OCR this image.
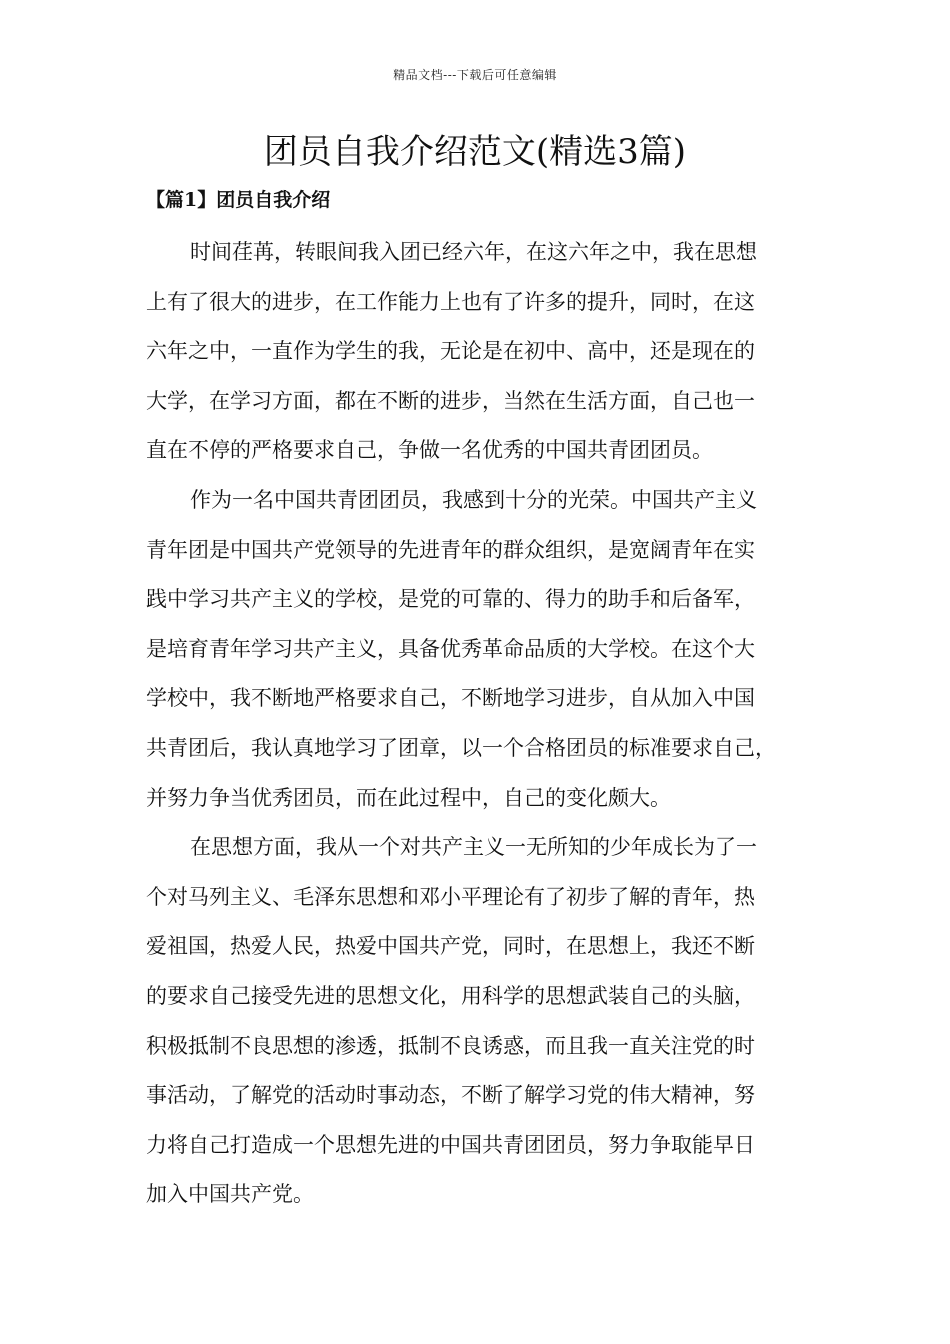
精品文档---下载后可任意编辑
团员自我介绍范文(精选3篇)
【篇1】团员自我介绍

时间荏苒，转眼间我入团已经六年，在这六年之中，我在思想
上有了很大的进步，在工作能力上也有了许多的提升，同时，在这
六年之中，一直作为学生的我，无论是在初中、高中，还是现在的
大学，在学习方面，都在不断的进步，当然在生活方面，自己也一
直在不停的严格要求自己，争做一名优秀的中国共青团团员。

作为一名中国共青团团员，我感到十分的光荣。中国共产主义
青年团是中国共产党领导的先进青年的群众组织，是宽阔青年在实
践中学习共产主义的学校，是党的可靠的、得力的助手和后备军，
是培育青年学习共产主义，具备优秀革命品质的大学校。在这个大
学校中，我不断地严格要求自己，不断地学习进步，自从加入中国
共青团后，我认真地学习了团章，以一个合格团员的标准要求自己，
并努力争当优秀团员，而在此过程中，自己的变化颇大。

在思想方面，我从一个对共产主义一无所知的少年成长为了一
个对马列主义、毛泽东思想和邓小平理论有了初步了解的青年，热
爱祖国，热爱人民，热爱中国共产党，同时，在思想上，我还不断
的要求自己接受先进的思想文化，用科学的思想武装自己的头脑，
积极抵制不良思想的渗透，抵制不良诱惑，而且我一直关注党的时
事活动，了解党的活动时事动态，不断了解学习党的伟大精神，努
力将自己打造成一个思想先进的中国共青团团员，努力争取能早日
加入中国共产党。
